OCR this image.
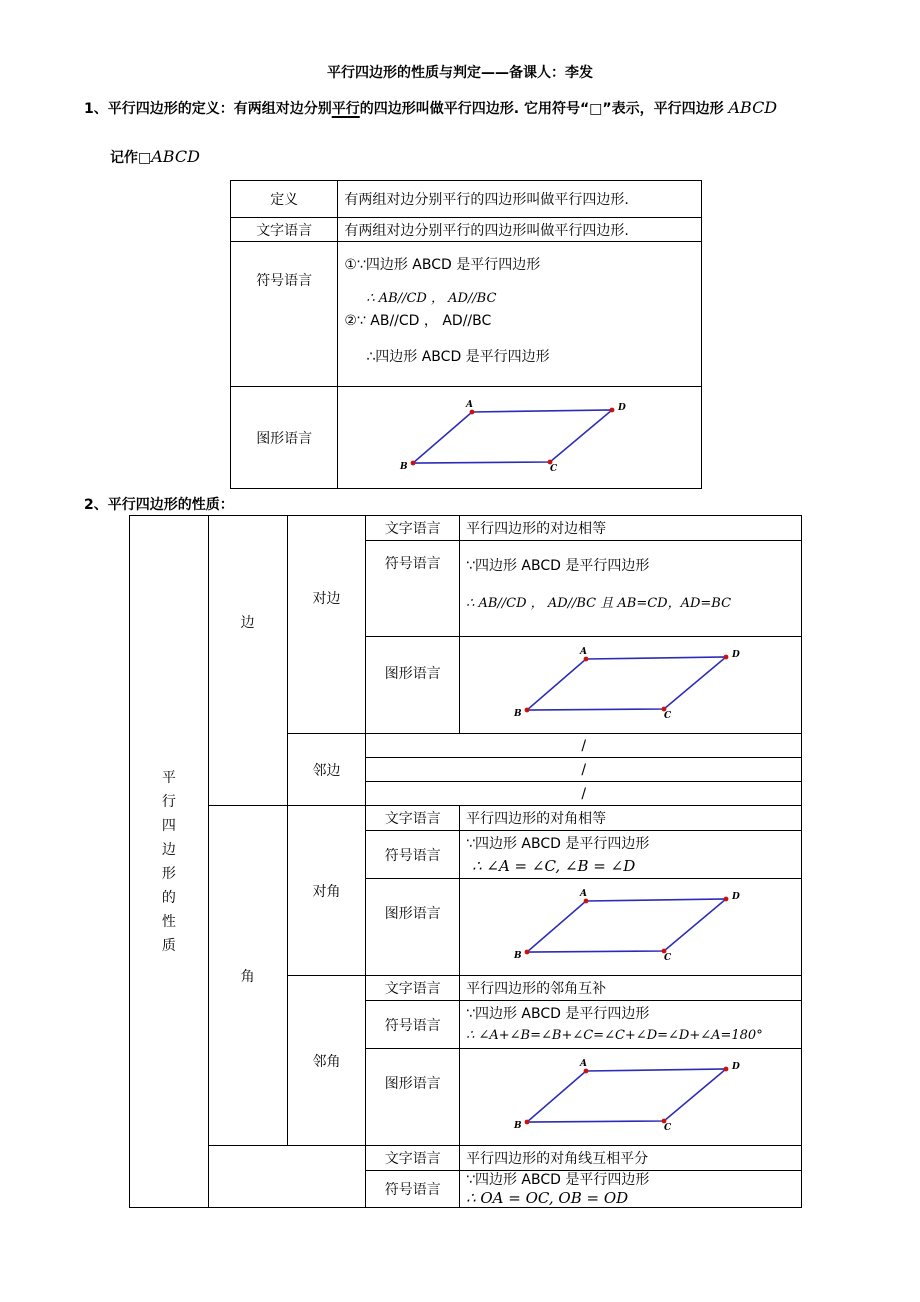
平行四边形的性质与判定——备课人：李发
1、平行四边形的定义：有两组对边分别平行的四边形叫做平行四边形. 它用符号“□”表示，平行四边形 ABCD
记作□ABCD
定义	有两组对边分别平行的四边形叫做平行四边形.
文字语言	有两组对边分别平行的四边形叫做平行四边形.
符号语言	①∵四边形 ABCD 是平行四边形
∴ AB//CD ， AD//BC
②∵ AB//CD ， AD//BC
∴四边形 ABCD 是平行四边形

图形语言	A D
C
B
2、平行四边形的性质：
平行四边形的性质	边	对边	文字语言	平行四边形的对边相等
			符号语言	∵四边形 ABCD 是平行四边形
∴ AB//CD ， AD//BC 且 AB=CD，AD=BC

			图形语言	A D
C
B

		邻边	/	
			/	
			/	
	角	对角	文字语言	平行四边形的对角相等
			符号语言	∵四边形 ABCD 是平行四边形
∴ ∠A = ∠C, ∠B = ∠D

			图形语言	A D
C
B

		邻角	文字语言	平行四边形的邻角互补
			符号语言	∵四边形 ABCD 是平行四边形
∴ ∠A+∠B=∠B+∠C=∠C+∠D=∠D+∠A=180°

			图形语言	A D
C
B

			文字语言	平行四边形的对角线互相平分
			符号语言	∵四边形 ABCD 是平行四边形
∴ OA = OC, OB = OD
